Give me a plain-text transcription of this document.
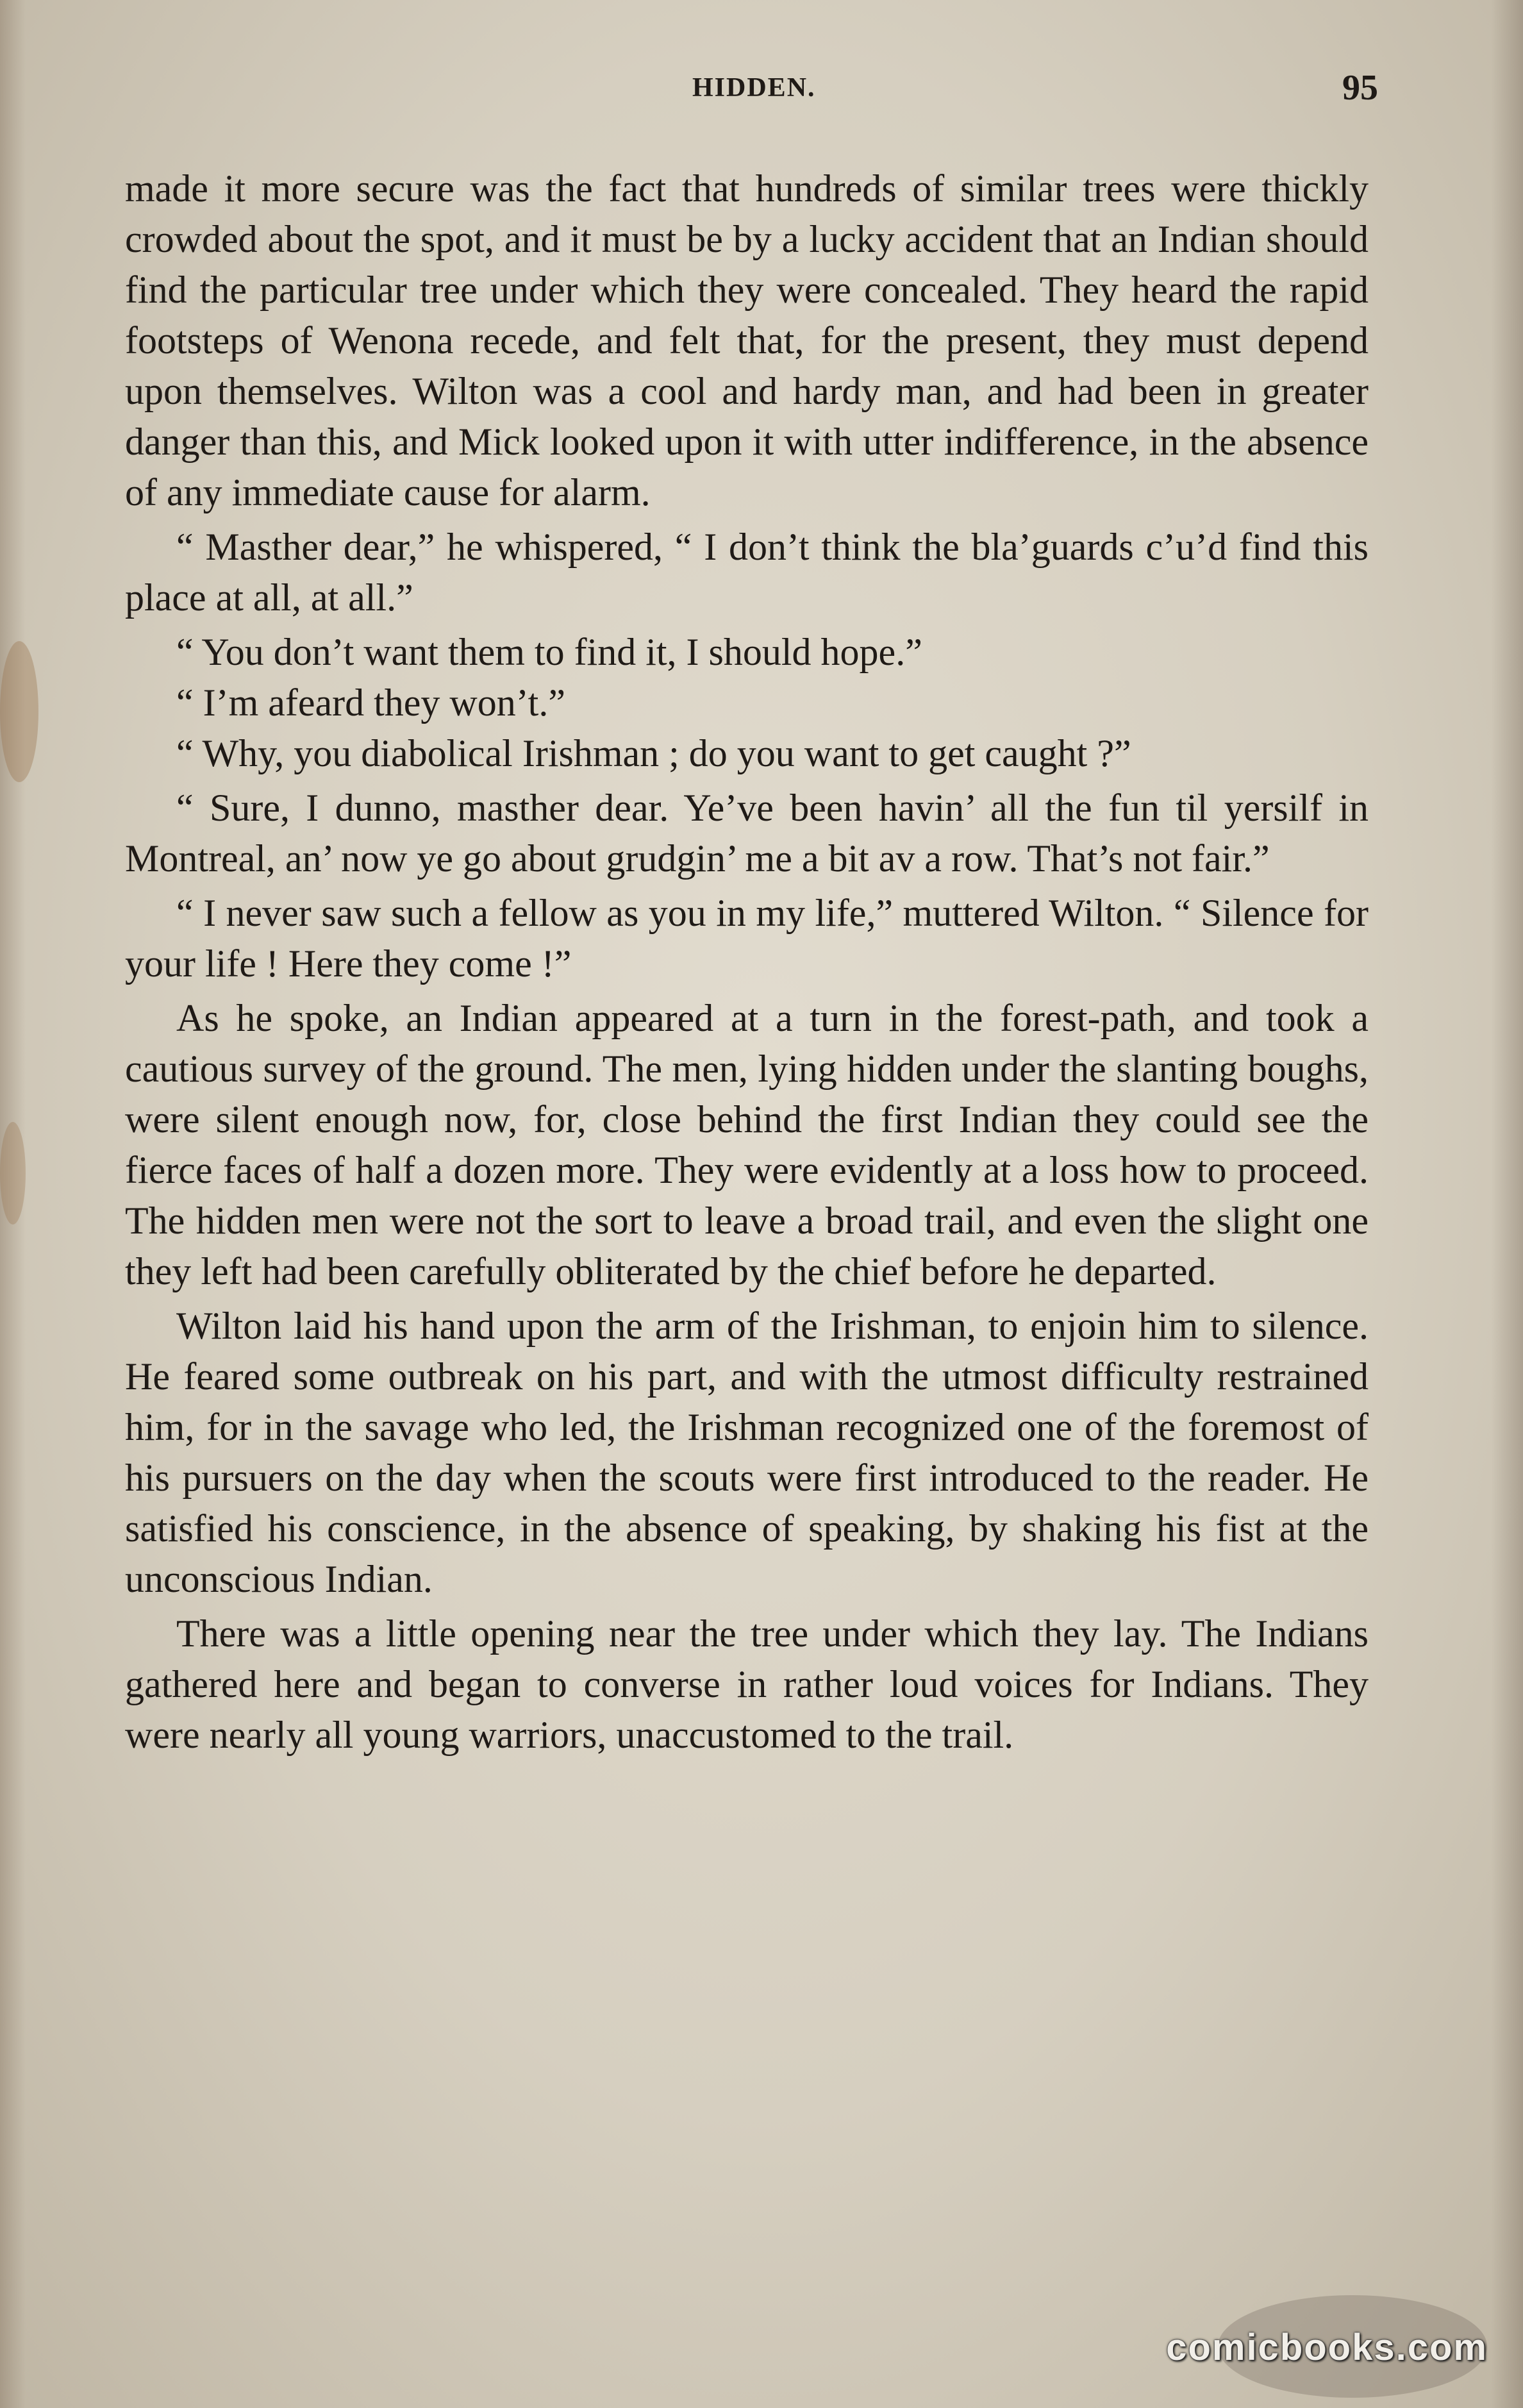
HIDDEN.	95

made it more secure was the fact that hundreds of similar trees were thickly crowded about the spot, and it must be by a lucky accident that an Indian should find the particular tree under which they were concealed. They heard the rapid footsteps of Wenona recede, and felt that, for the present, they must depend upon themselves. Wilton was a cool and hardy man, and had been in greater danger than this, and Mick looked upon it with utter indifference, in the absence of any immediate cause for alarm.

“ Masther dear,” he whispered, “ I don’t think the bla’guards c’u’d find this place at all, at all.”

“ You don’t want them to find it, I should hope.”

“ I’m afeard they won’t.”

“ Why, you diabolical Irishman ; do you want to get caught ?”

“ Sure, I dunno, masther dear. Ye’ve been havin’ all the fun til yersilf in Montreal, an’ now ye go about grudgin’ me a bit av a row. That’s not fair.”

“ I never saw such a fellow as you in my life,” muttered Wilton. “ Silence for your life ! Here they come !”

As he spoke, an Indian appeared at a turn in the forest-path, and took a cautious survey of the ground. The men, lying hidden under the slanting boughs, were silent enough now, for, close behind the first Indian they could see the fierce faces of half a dozen more. They were evidently at a loss how to proceed. The hidden men were not the sort to leave a broad trail, and even the slight one they left had been carefully obliterated by the chief before he departed.

Wilton laid his hand upon the arm of the Irishman, to enjoin him to silence. He feared some outbreak on his part, and with the utmost difficulty restrained him, for in the savage who led, the Irishman recognized one of the foremost of his pursuers on the day when the scouts were first introduced to the reader. He satisfied his conscience, in the absence of speaking, by shaking his fist at the unconscious Indian.

There was a little opening near the tree under which they lay. The Indians gathered here and began to converse in rather loud voices for Indians. They were nearly all young warriors, unaccustomed to the trail.

comicbooks.com
